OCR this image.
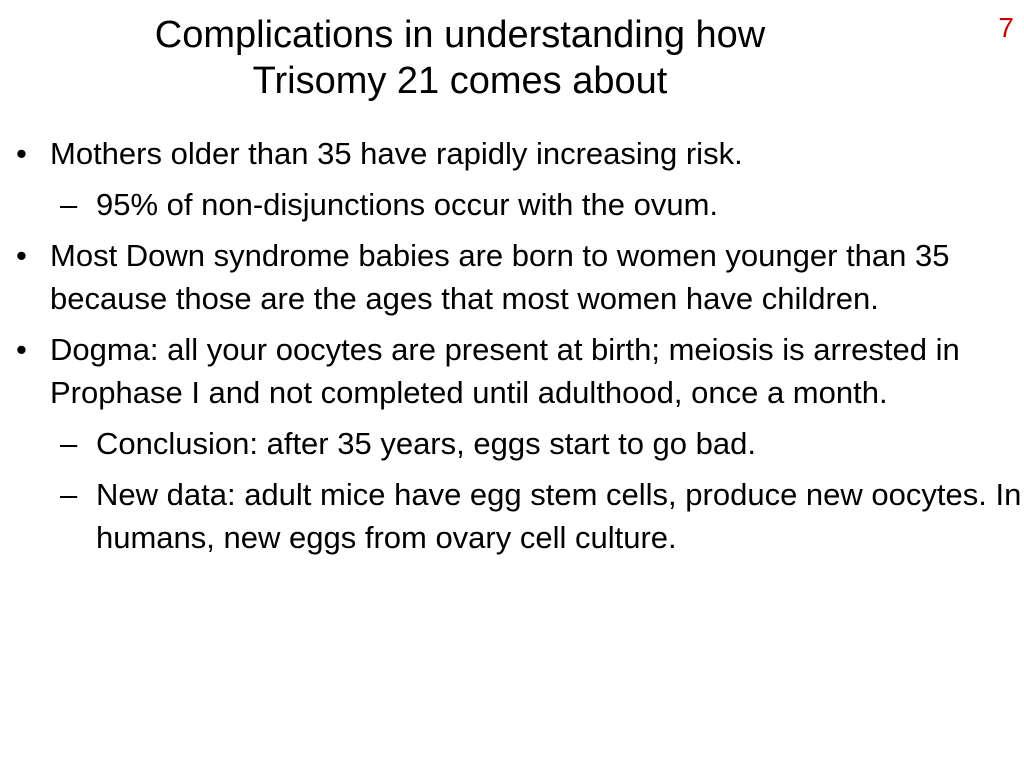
Complications in understanding how
Trisomy 21 comes about
7
• Mothers older than 35 have rapidly increasing risk.
– 95% of non-disjunctions occur with the ovum.
• Most Down syndrome babies are born to women younger than 35 because those are the ages that most women have children.
• Dogma: all your oocytes are present at birth; meiosis is arrested in Prophase I and not completed until adulthood, once a month.
– Conclusion: after 35 years, eggs start to go bad.
– New data: adult mice have egg stem cells, produce new oocytes. In humans, new eggs from ovary cell culture.
